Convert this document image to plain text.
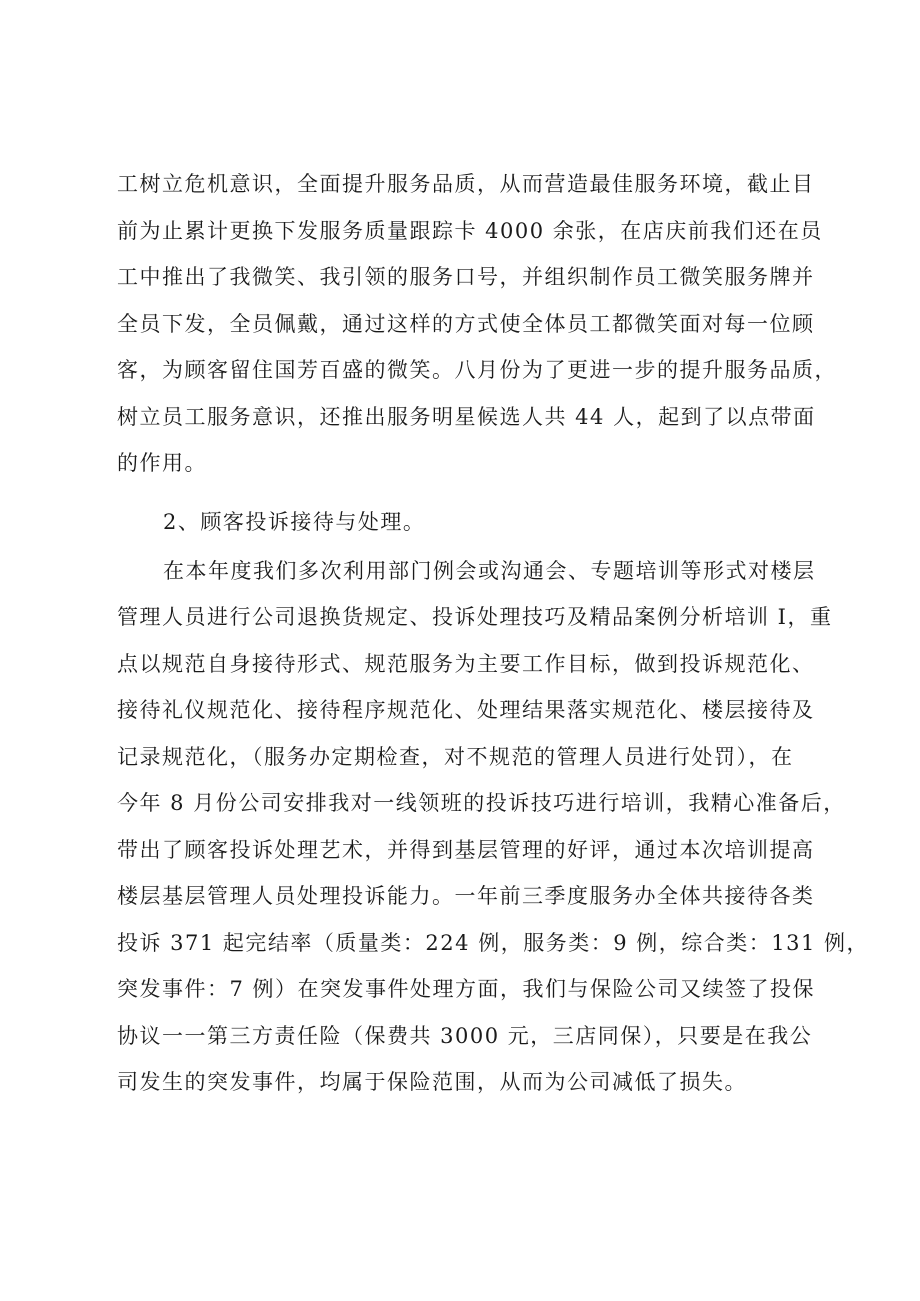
工树立危机意识，全面提升服务品质，从而营造最佳服务环境，截止目
前为止累计更换下发服务质量跟踪卡 4000 余张，在店庆前我们还在员
工中推出了我微笑、我引领的服务口号，并组织制作员工微笑服务牌并
全员下发，全员佩戴，通过这样的方式使全体员工都微笑面对每一位顾
客，为顾客留住国芳百盛的微笑。八月份为了更进一步的提升服务品质，
树立员工服务意识，还推出服务明星候选人共 44 人，起到了以点带面
的作用。
2、顾客投诉接待与处理。
在本年度我们多次利用部门例会或沟通会、专题培训等形式对楼层
管理人员进行公司退换货规定、投诉处理技巧及精品案例分析培训 I，重
点以规范自身接待形式、规范服务为主要工作目标，做到投诉规范化、
接待礼仪规范化、接待程序规范化、处理结果落实规范化、楼层接待及
记录规范化，（服务办定期检查，对不规范的管理人员进行处罚），在
今年 8 月份公司安排我对一线领班的投诉技巧进行培训，我精心准备后，
带出了顾客投诉处理艺术，并得到基层管理的好评，通过本次培训提高
楼层基层管理人员处理投诉能力。一年前三季度服务办全体共接待各类
投诉 371 起完结率（质量类：224 例，服务类：9 例，综合类：131 例，
突发事件：7 例）在突发事件处理方面，我们与保险公司又续签了投保
协议一一第三方责任险（保费共 3000 元，三店同保），只要是在我公
司发生的突发事件，均属于保险范围，从而为公司减低了损失。
